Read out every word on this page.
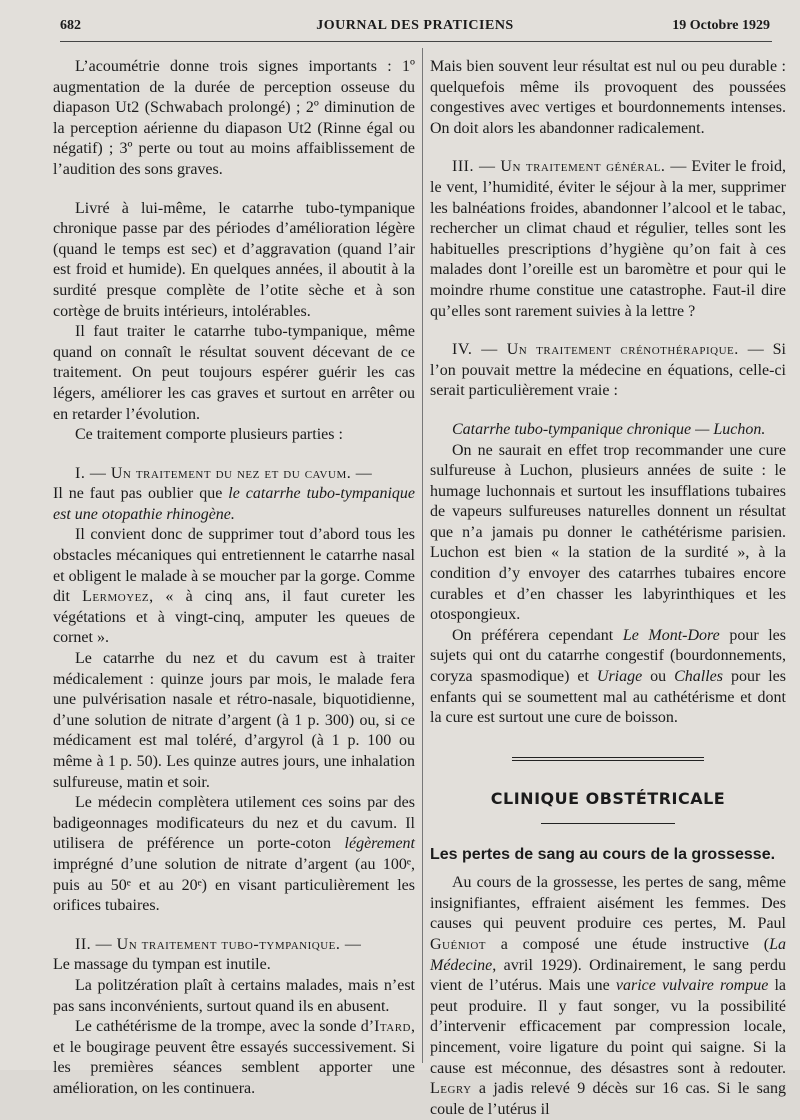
682	JOURNAL DES PRATICIENS	19 Octobre 1929

L’acoumétrie donne trois signes importants : 1º augmentation de la durée de perception osseuse du diapason Ut2 (Schwabach prolongé) ; 2º diminution de la perception aérienne du diapason Ut2 (Rinne égal ou négatif) ; 3º perte ou tout au moins affaiblissement de l’audition des sons graves.

Livré à lui-même, le catarrhe tubo-tympanique chronique passe par des périodes d’amélioration légère (quand le temps est sec) et d’aggravation (quand l’air est froid et humide). En quelques années, il aboutit à la surdité presque complète de l’otite sèche et à son cortège de bruits intérieurs, intolérables.

Il faut traiter le catarrhe tubo-tympanique, même quand on connaît le résultat souvent décevant de ce traitement. On peut toujours espérer guérir les cas légers, améliorer les cas graves et surtout en arrêter ou en retarder l’évolution.

Ce traitement comporte plusieurs parties :

I. — Un traitement du nez et du cavum. —
Il ne faut pas oublier que le catarrhe tubo-tympanique est une otopathie rhinogène.

Il convient donc de supprimer tout d’abord tous les obstacles mécaniques qui entretiennent le catarrhe nasal et obligent le malade à se moucher par la gorge. Comme dit Lermoyez, « à cinq ans, il faut cureter les végétations et à vingt-cinq, amputer les queues de cornet ».

Le catarrhe du nez et du cavum est à traiter médicalement : quinze jours par mois, le malade fera une pulvérisation nasale et rétro-nasale, biquotidienne, d’une solution de nitrate d’argent (à 1 p. 300) ou, si ce médicament est mal toléré, d’argyrol (à 1 p. 100 ou même à 1 p. 50). Les quinze autres jours, une inhalation sulfureuse, matin et soir.

Le médecin complètera utilement ces soins par des badigeonnages modificateurs du nez et du cavum. Il utilisera de préférence un porte-coton légèrement imprégné d’une solution de nitrate d’argent (au 100ᵉ, puis au 50ᵉ et au 20ᵉ) en visant particulièrement les orifices tubaires.

II. — Un traitement tubo-tympanique. —
Le massage du tympan est inutile.

La politzération plaît à certains malades, mais n’est pas sans inconvénients, surtout quand ils en abusent.

Le cathétérisme de la trompe, avec la sonde d’Itard, et le bougirage peuvent être essayés successivement. Si les premières séances semblent apporter une amélioration, on les continuera.

Mais bien souvent leur résultat est nul ou peu durable : quelquefois même ils provoquent des poussées congestives avec vertiges et bourdonnements intenses. On doit alors les abandonner radicalement.

III. — Un traitement général. — Eviter le froid, le vent, l’humidité, éviter le séjour à la mer, supprimer les balnéations froides, abandonner l’alcool et le tabac, rechercher un climat chaud et régulier, telles sont les habituelles prescriptions d’hygiène qu’on fait à ces malades dont l’oreille est un baromètre et pour qui le moindre rhume constitue une catastrophe. Faut-il dire qu’elles sont rarement suivies à la lettre ?

IV. — Un traitement crénothérapique. — Si l’on pouvait mettre la médecine en équations, celle-ci serait particulièrement vraie :

Catarrhe tubo-tympanique chronique — Luchon.

On ne saurait en effet trop recommander une cure sulfureuse à Luchon, plusieurs années de suite : le humage luchonnais et surtout les insufflations tubaires de vapeurs sulfureuses naturelles donnent un résultat que n’a jamais pu donner le cathétérisme parisien. Luchon est bien « la station de la surdité », à la condition d’y envoyer des catarrhes tubaires encore curables et d’en chasser les labyrinthiques et les otospongieux.

On préférera cependant Le Mont-Dore pour les sujets qui ont du catarrhe congestif (bourdonnements, coryza spasmodique) et Uriage ou Challes pour les enfants qui se soumettent mal au cathétérisme et dont la cure est surtout une cure de boisson.

CLINIQUE OBSTÉTRICALE
Les pertes de sang au cours de la grossesse.

Au cours de la grossesse, les pertes de sang, même insignifiantes, effraient aisément les femmes. Des causes qui peuvent produire ces pertes, M. Paul Guéniot a composé une étude instructive (La Médecine, avril 1929). Ordinairement, le sang perdu vient de l’utérus. Mais une varice vulvaire rompue la peut produire. Il y faut songer, vu la possibilité d’intervenir efficacement par compression locale, pincement, voire ligature du point qui saigne. Si la cause est méconnue, des désastres sont à redouter. Legry a jadis relevé 9 décès sur 16 cas. Si le sang coule de l’utérus il
